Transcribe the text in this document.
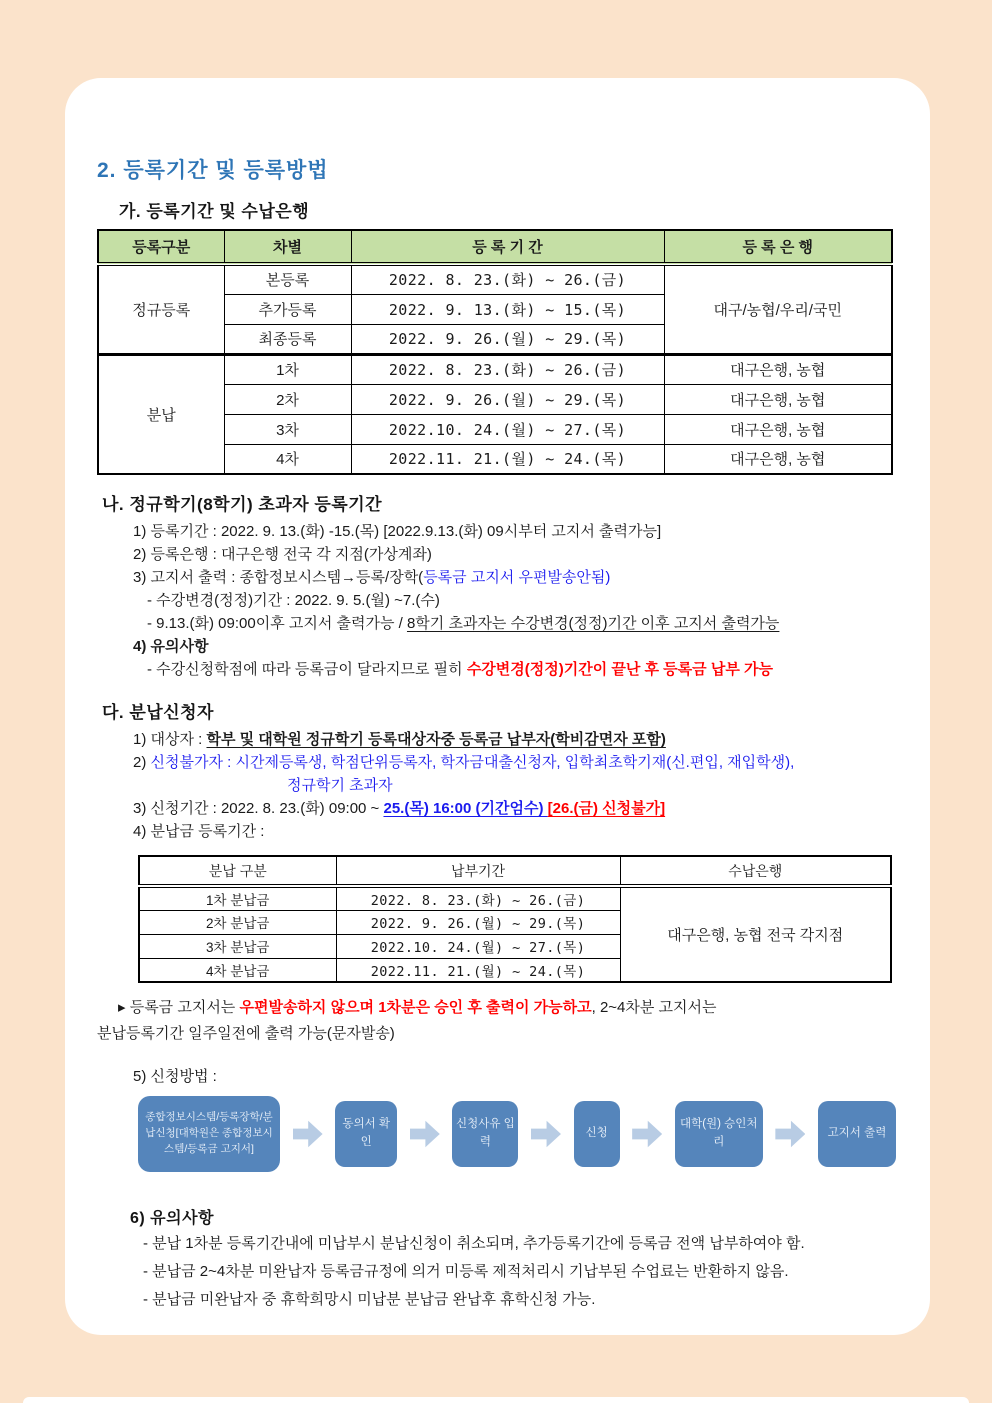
2. 등록기간 및 등록방법
가. 등록기간 및 수납은행
등록구분	차별	등 록 기 간	등 록 은 행
정규등록	본등록	2022. 8. 23.(화) ~ 26.(금)	대구/농협/우리/국민
	추가등록	2022. 9. 13.(화) ~ 15.(목)	
	최종등록	2022. 9. 26.(월) ~ 29.(목)	
분납	1차	2022. 8. 23.(화) ~ 26.(금)	대구은행, 농협
	2차	2022. 9. 26.(월) ~ 29.(목)	대구은행, 농협
	3차	2022.10. 24.(월) ~ 27.(목)	대구은행, 농협
	4차	2022.11. 21.(월) ~ 24.(목)	대구은행, 농협
나. 정규학기(8학기) 초과자 등록기간
1) 등록기간 : 2022. 9. 13.(화) -15.(목) [2022.9.13.(화) 09시부터 고지서 출력가능]
2) 등록은행 : 대구은행 전국 각 지점(가상계좌)
3) 고지서 출력 : 종합정보시스템→등록/장학(등록금 고지서 우편발송안됨)
- 수강변경(정정)기간 : 2022. 9. 5.(월) ~7.(수)
- 9.13.(화) 09:00이후 고지서 출력가능 / 8학기 초과자는 수강변경(정정)기간 이후 고지서 출력가능
4) 유의사항
- 수강신청학점에 따라 등록금이 달라지므로 필히 수강변경(정정)기간이 끝난 후 등록금 납부 가능
다. 분납신청자
1) 대상자 : 학부 및 대학원 정규학기 등록대상자중 등록금 납부자(학비감면자 포함)
2) 신청불가자 : 시간제등록생, 학점단위등록자, 학자금대출신청자, 입학최초학기재(신.편입, 재입학생),
정규학기 초과자
3) 신청기간 : 2022. 8. 23.(화) 09:00 ~ 25.(목) 16:00 (기간엄수) [26.(금) 신청불가]
4) 분납금 등록기간 :
분납 구분	납부기간	수납은행
1차 분납금	2022. 8. 23.(화) ~ 26.(금)	대구은행, 농협 전국 각지점
2차 분납금	2022. 9. 26.(월) ~ 29.(목)	
3차 분납금	2022.10. 24.(월) ~ 27.(목)	
4차 분납금	2022.11. 21.(월) ~ 24.(목)	
▸ 등록금 고지서는 우편발송하지 않으며 1차분은 승인 후 출력이 가능하고, 2~4차분 고지서는
분납등록기간 일주일전에 출력 가능(문자발송)
5) 신청방법 :
종합정보시스템/등록장학/분납신청[대학원은 종합정보시스템/등록금 고지서]
동의서 확인
신청사유 입력
신청
대학(원) 승인처리
고지서 출력
6) 유의사항
- 분납 1차분 등록기간내에 미납부시 분납신청이 취소되며, 추가등록기간에 등록금 전액 납부하여야 함.
- 분납금 2~4차분 미완납자 등록금규정에 의거 미등록 제적처리시 기납부된 수업료는 반환하지 않음.
- 분납금 미완납자 중 휴학희망시 미납분 분납금 완납후 휴학신청 가능.
